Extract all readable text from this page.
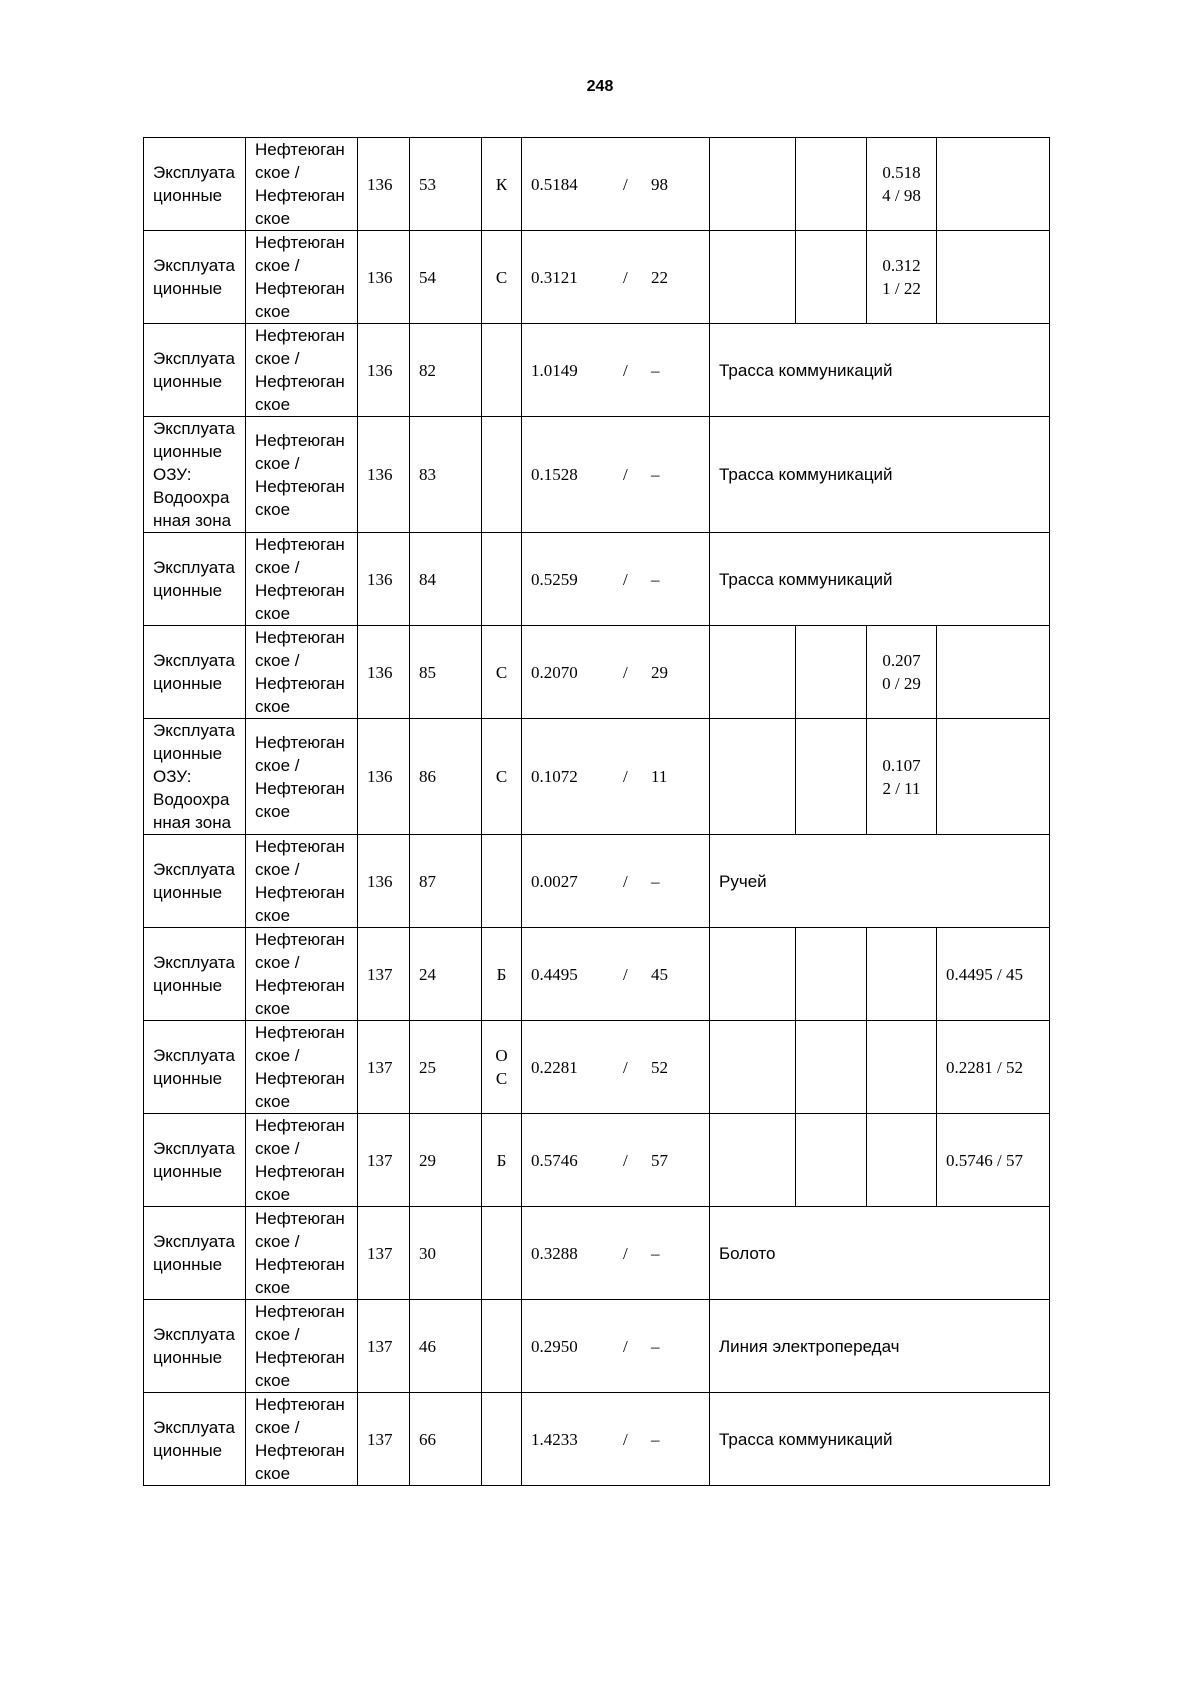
248
Эксплуата
ционные	Нефтеюган
ское /
Нефтеюган
ское	136	53	К	0.5184 / 98			0.518
4 / 98	
Эксплуата
ционные	Нефтеюган
ское /
Нефтеюган
ское	136	54	С	0.3121 / 22			0.312
1 / 22	
Эксплуата
ционные	Нефтеюган
ское /
Нефтеюган
ское	136	82		1.0149 / –	Трасса коммуникаций			
Эксплуата
ционные
ОЗУ:
Водоохра
нная зона	Нефтеюган
ское /
Нефтеюган
ское	136	83		0.1528 / –	Трасса коммуникаций			
Эксплуата
ционные	Нефтеюган
ское /
Нефтеюган
ское	136	84		0.5259 / –	Трасса коммуникаций			
Эксплуата
ционные	Нефтеюган
ское /
Нефтеюган
ское	136	85	С	0.2070 / 29			0.207
0 / 29	
Эксплуата
ционные
ОЗУ:
Водоохра
нная зона	Нефтеюган
ское /
Нефтеюган
ское	136	86	С	0.1072 / 11			0.107
2 / 11	
Эксплуата
ционные	Нефтеюган
ское /
Нефтеюган
ское	136	87		0.0027 / –	Ручей			
Эксплуата
ционные	Нефтеюган
ское /
Нефтеюган
ское	137	24	Б	0.4495 / 45				0.4495 / 45
Эксплуата
ционные	Нефтеюган
ское /
Нефтеюган
ское	137	25	О
С	0.2281 / 52				0.2281 / 52
Эксплуата
ционные	Нефтеюган
ское /
Нефтеюган
ское	137	29	Б	0.5746 / 57				0.5746 / 57
Эксплуата
ционные	Нефтеюган
ское /
Нефтеюган
ское	137	30		0.3288 / –	Болото			
Эксплуата
ционные	Нефтеюган
ское /
Нефтеюган
ское	137	46		0.2950 / –	Линия электропередач			
Эксплуата
ционные	Нефтеюган
ское /
Нефтеюган
ское	137	66		1.4233 / –	Трасса коммуникаций			
